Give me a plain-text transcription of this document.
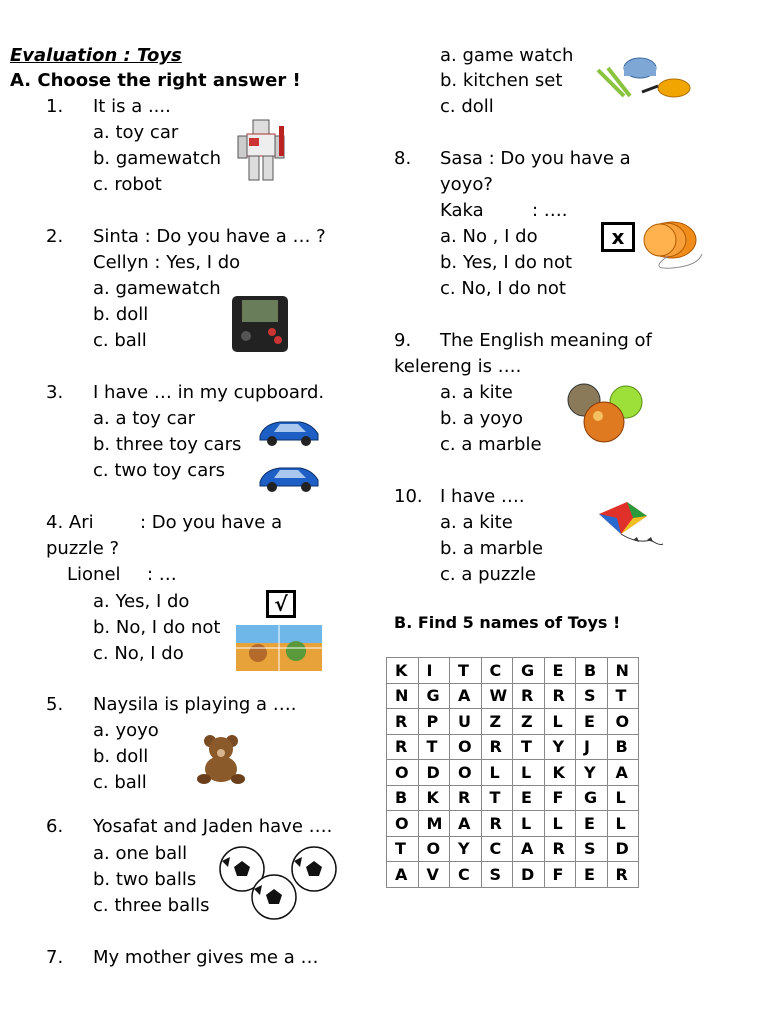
Evaluation : Toys
A. Choose the right answer !
1. It is a ....
a. toy car
b. gamewatch
c. robot
2. Sinta : Do you have a … ?
Cellyn : Yes, I do
a. gamewatch
b. doll
c. ball
3. I have … in my cupboard.
a. a toy car
b. three toy cars
c. two toy cars
4. Ari	: Do you have a
puzzle ?
Lionel : …
a. Yes, I do
b. No, I do not
c. No, I do
√
5. Naysila is playing a ….
a. yoyo
b. doll
c. ball
6. Yosafat and Jaden have ….
a. one ball
b. two balls
c. three balls
7. My mother gives me a …
a. game watch
b. kitchen set
c. doll
8. Sasa : Do you have a
yoyo?
Kaka	: ….
a. No , I do
b. Yes, I do not
c. No, I do not
x
9. The English meaning of
kelereng is ….
a. a kite
b. a yoyo
c. a marble
10. I have ….
a. a kite
b. a marble
c. a puzzle
B. Find 5 names of Toys !
K	I	T	C	G	E	B	N
N	G	A	W	R	R	S	T
R	P	U	Z	Z	L	E	O
R	T	O	R	T	Y	J	B
O	D	O	L	L	K	Y	A
B	K	R	T	E	F	G	L
O	M	A	R	L	L	E	L
T	O	Y	C	A	R	S	D
A	V	C	S	D	F	E	R
